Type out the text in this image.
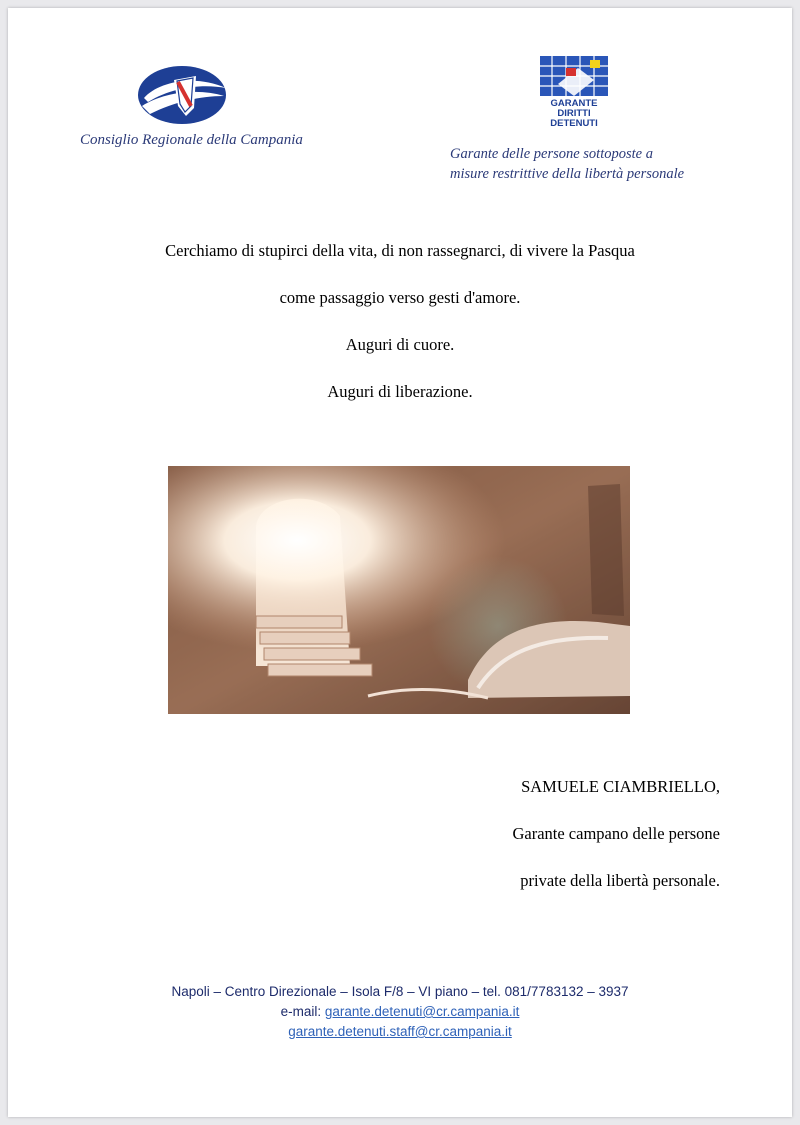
Consiglio Regionale della Campania
GARANTE
DIRITTI
DETENUTI
Garante delle persone sottoposte a
misure restrittive della libertà personale

Cerchiamo di stupirci della vita, di non rassegnarci, di vivere la Pasqua

come passaggio verso gesti d'amore.

Auguri di cuore.

Auguri di liberazione.

SAMUELE CIAMBRIELLO,

Garante campano delle persone

private della libertà personale.

Napoli – Centro Direzionale – Isola F/8 – VI piano – tel. 081/7783132 – 3937
e-mail: garante.detenuti@cr.campania.it
garante.detenuti.staff@cr.campania.it
